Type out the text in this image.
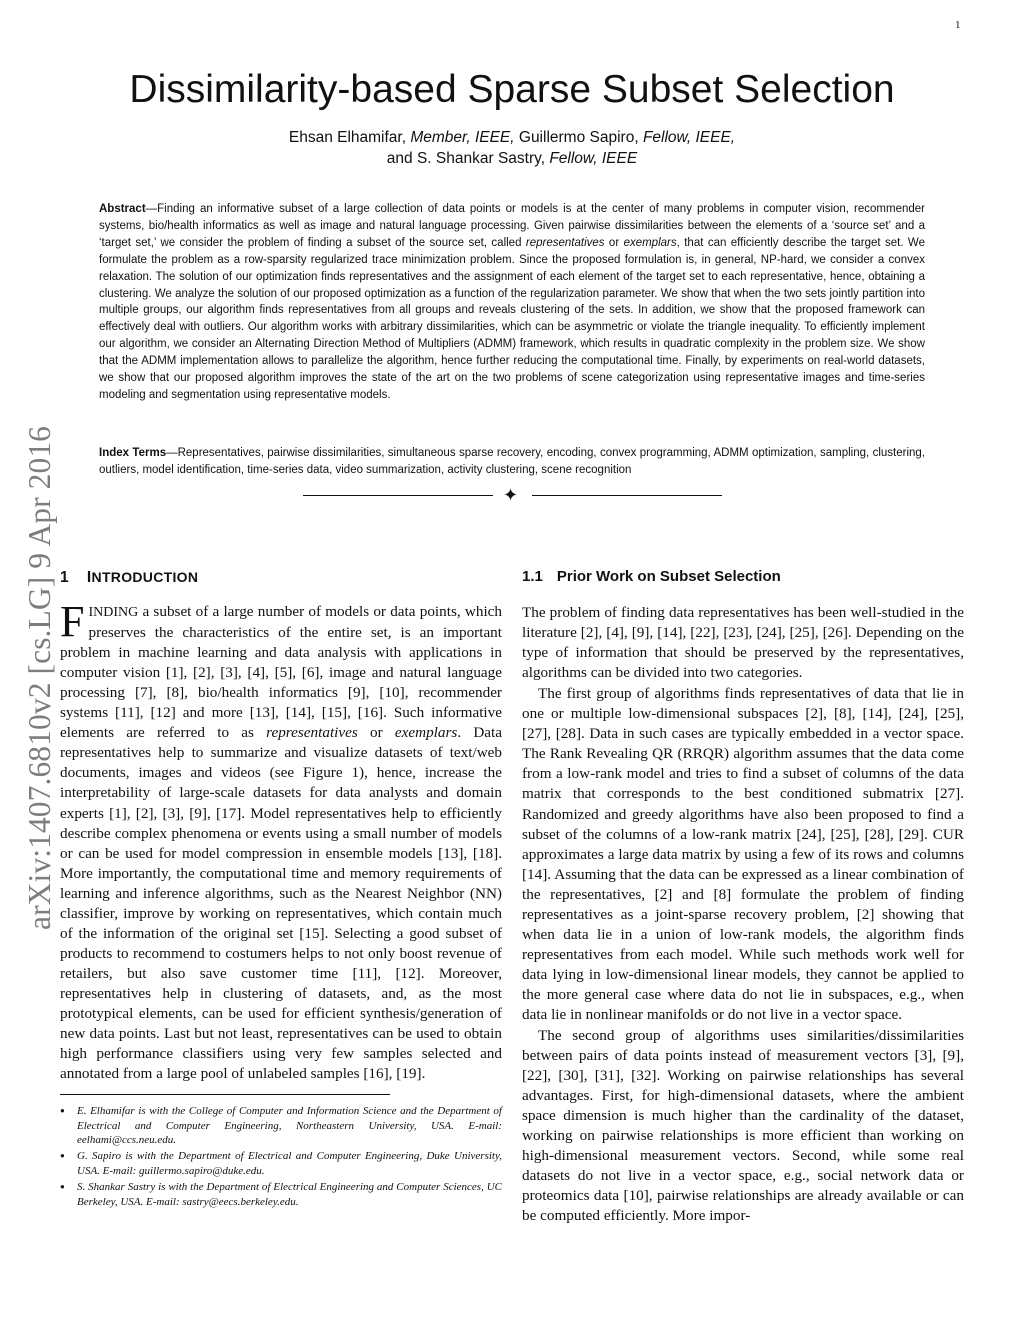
1
arXiv:1407.6810v2 [cs.LG] 9 Apr 2016
Dissimilarity-based Sparse Subset Selection
Ehsan Elhamifar, Member, IEEE, Guillermo Sapiro, Fellow, IEEE,
and S. Shankar Sastry, Fellow, IEEE
Abstract—Finding an informative subset of a large collection of data points or models is at the center of many problems in computer vision, recommender systems, bio/health informatics as well as image and natural language processing. Given pairwise dissimilarities between the elements of a ‘source set’ and a ‘target set,’ we consider the problem of finding a subset of the source set, called representatives or exemplars, that can efficiently describe the target set. We formulate the problem as a row-sparsity regularized trace minimization problem. Since the proposed formulation is, in general, NP-hard, we consider a convex relaxation. The solution of our optimization finds representatives and the assignment of each element of the target set to each representative, hence, obtaining a clustering. We analyze the solution of our proposed optimization as a function of the regularization parameter. We show that when the two sets jointly partition into multiple groups, our algorithm finds representatives from all groups and reveals clustering of the sets. In addition, we show that the proposed framework can effectively deal with outliers. Our algorithm works with arbitrary dissimilarities, which can be asymmetric or violate the triangle inequality. To efficiently implement our algorithm, we consider an Alternating Direction Method of Multipliers (ADMM) framework, which results in quadratic complexity in the problem size. We show that the ADMM implementation allows to parallelize the algorithm, hence further reducing the computational time. Finally, by experiments on real-world datasets, we show that our proposed algorithm improves the state of the art on the two problems of scene categorization using representative images and time-series modeling and segmentation using representative models.
Index Terms—Representatives, pairwise dissimilarities, simultaneous sparse recovery, encoding, convex programming, ADMM optimization, sampling, clustering, outliers, model identification, time-series data, video summarization, activity clustering, scene recognition
✦
1 INTRODUCTION

FINDING a subset of a large number of models or data points, which preserves the characteristics of the entire set, is an important problem in machine learning and data analysis with applications in computer vision [1], [2], [3], [4], [5], [6], image and natural language processing [7], [8], bio/health informatics [9], [10], recommender systems [11], [12] and more [13], [14], [15], [16]. Such informative elements are referred to as representatives or exemplars. Data representatives help to summarize and visualize datasets of text/web documents, images and videos (see Figure 1), hence, increase the interpretability of large-scale datasets for data analysts and domain experts [1], [2], [3], [9], [17]. Model representatives help to efficiently describe complex phenomena or events using a small number of models or can be used for model compression in ensemble models [13], [18]. More importantly, the computational time and memory requirements of learning and inference algorithms, such as the Nearest Neighbor (NN) classifier, improve by working on representatives, which contain much of the information of the original set [15]. Selecting a good subset of products to recommend to costumers helps to not only boost revenue of retailers, but also save customer time [11], [12]. Moreover, representatives help in clustering of datasets, and, as the most prototypical elements, can be used for efficient synthesis/generation of new data points. Last but not least, representatives can be used to obtain high performance classifiers using very few samples selected and annotated from a large pool of unlabeled samples [16], [19].

● E. Elhamifar is with the College of Computer and Information Science and the Department of Electrical and Computer Engineering, Northeastern University, USA. E-mail: eelhami@ccs.neu.edu.
● G. Sapiro is with the Department of Electrical and Computer Engineering, Duke University, USA. E-mail: guillermo.sapiro@duke.edu.
● S. Shankar Sastry is with the Department of Electrical Engineering and Computer Sciences, UC Berkeley, USA. E-mail: sastry@eecs.berkeley.edu.
1.1 Prior Work on Subset Selection

The problem of finding data representatives has been well-studied in the literature [2], [4], [9], [14], [22], [23], [24], [25], [26]. Depending on the type of information that should be preserved by the representatives, algorithms can be divided into two categories.

The first group of algorithms finds representatives of data that lie in one or multiple low-dimensional subspaces [2], [8], [14], [24], [25], [27], [28]. Data in such cases are typically embedded in a vector space. The Rank Revealing QR (RRQR) algorithm assumes that the data come from a low-rank model and tries to find a subset of columns of the data matrix that corresponds to the best conditioned submatrix [27]. Randomized and greedy algorithms have also been proposed to find a subset of the columns of a low-rank matrix [24], [25], [28], [29]. CUR approximates a large data matrix by using a few of its rows and columns [14]. Assuming that the data can be expressed as a linear combination of the representatives, [2] and [8] formulate the problem of finding representatives as a joint-sparse recovery problem, [2] showing that when data lie in a union of low-rank models, the algorithm finds representatives from each model. While such methods work well for data lying in low-dimensional linear models, they cannot be applied to the more general case where data do not lie in subspaces, e.g., when data lie in nonlinear manifolds or do not live in a vector space.

The second group of algorithms uses similarities/dissimilarities between pairs of data points instead of measurement vectors [3], [9], [22], [30], [31], [32]. Working on pairwise relationships has several advantages. First, for high-dimensional datasets, where the ambient space dimension is much higher than the cardinality of the dataset, working on pairwise relationships is more efficient than working on high-dimensional measurement vectors. Second, while some real datasets do not live in a vector space, e.g., social network data or proteomics data [10], pairwise relationships are already available or can be computed efficiently. More impor-
